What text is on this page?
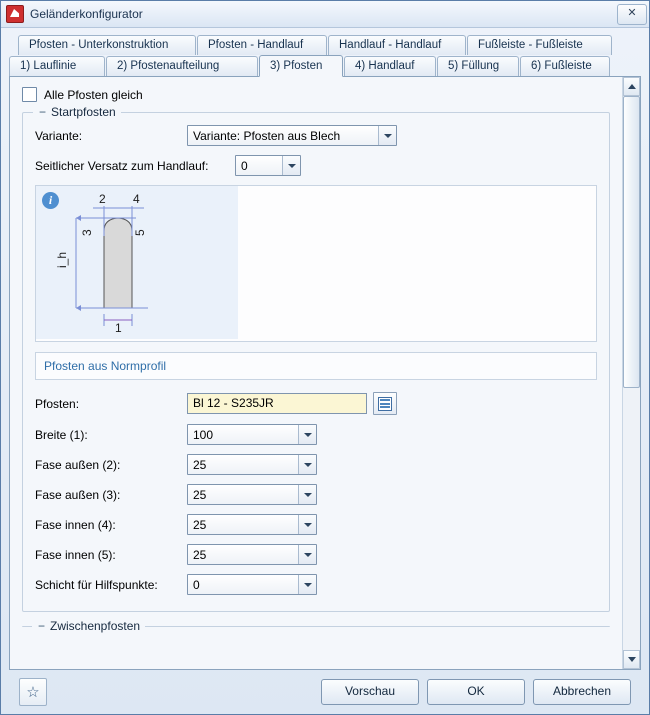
Geländerkonfigurator	✕
Pfosten - Unterkonstruktion	Pfosten - Handlauf	Handlauf - Handlauf	Fußleiste - Fußleiste
1) Lauflinie	2) Pfostenaufteilung	3) Pfosten	4) Handlauf	5) Füllung	6) Fußleiste
Alle Pfosten gleich
− Startpfosten
Variante:	Variante: Pfosten aus Blech
Seitlicher Versatz zum Handlauf:	0
i_h
2 4
3	5
1
i
Pfosten aus Normprofil
Pfosten:	Bl 12 - S235JR
Breite (1):	100
Fase außen (2):	25
Fase außen (3):	25
Fase innen (4):	25
Fase innen (5):	25
Schicht für Hilfspunkte:	0
− Zwischenpfosten
☆	Vorschau	OK	Abbrechen
